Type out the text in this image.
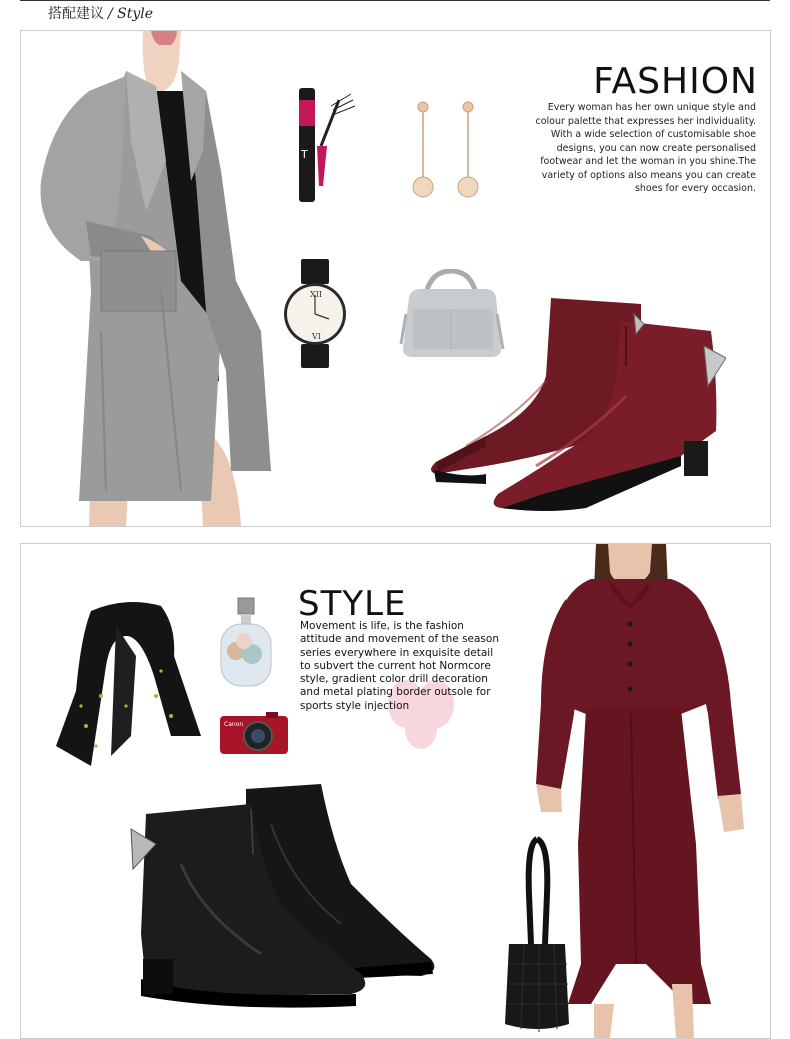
搭配建议 / Style
T
XII
VI
FASHION

Every woman has her own unique style and colour palette that expresses her individuality. With a wide selection of customisable shoe designs, you can now create personalised footwear and let the woman in you shine.The variety of options also means you can create shoes for every occasion.

Canon
STYLE

Movement is life, is the fashion attitude and movement of the season series everywhere in exquisite detail to subvert the current hot Normcore style, gradient color drill decoration and metal plating border outsole for sports style injection
